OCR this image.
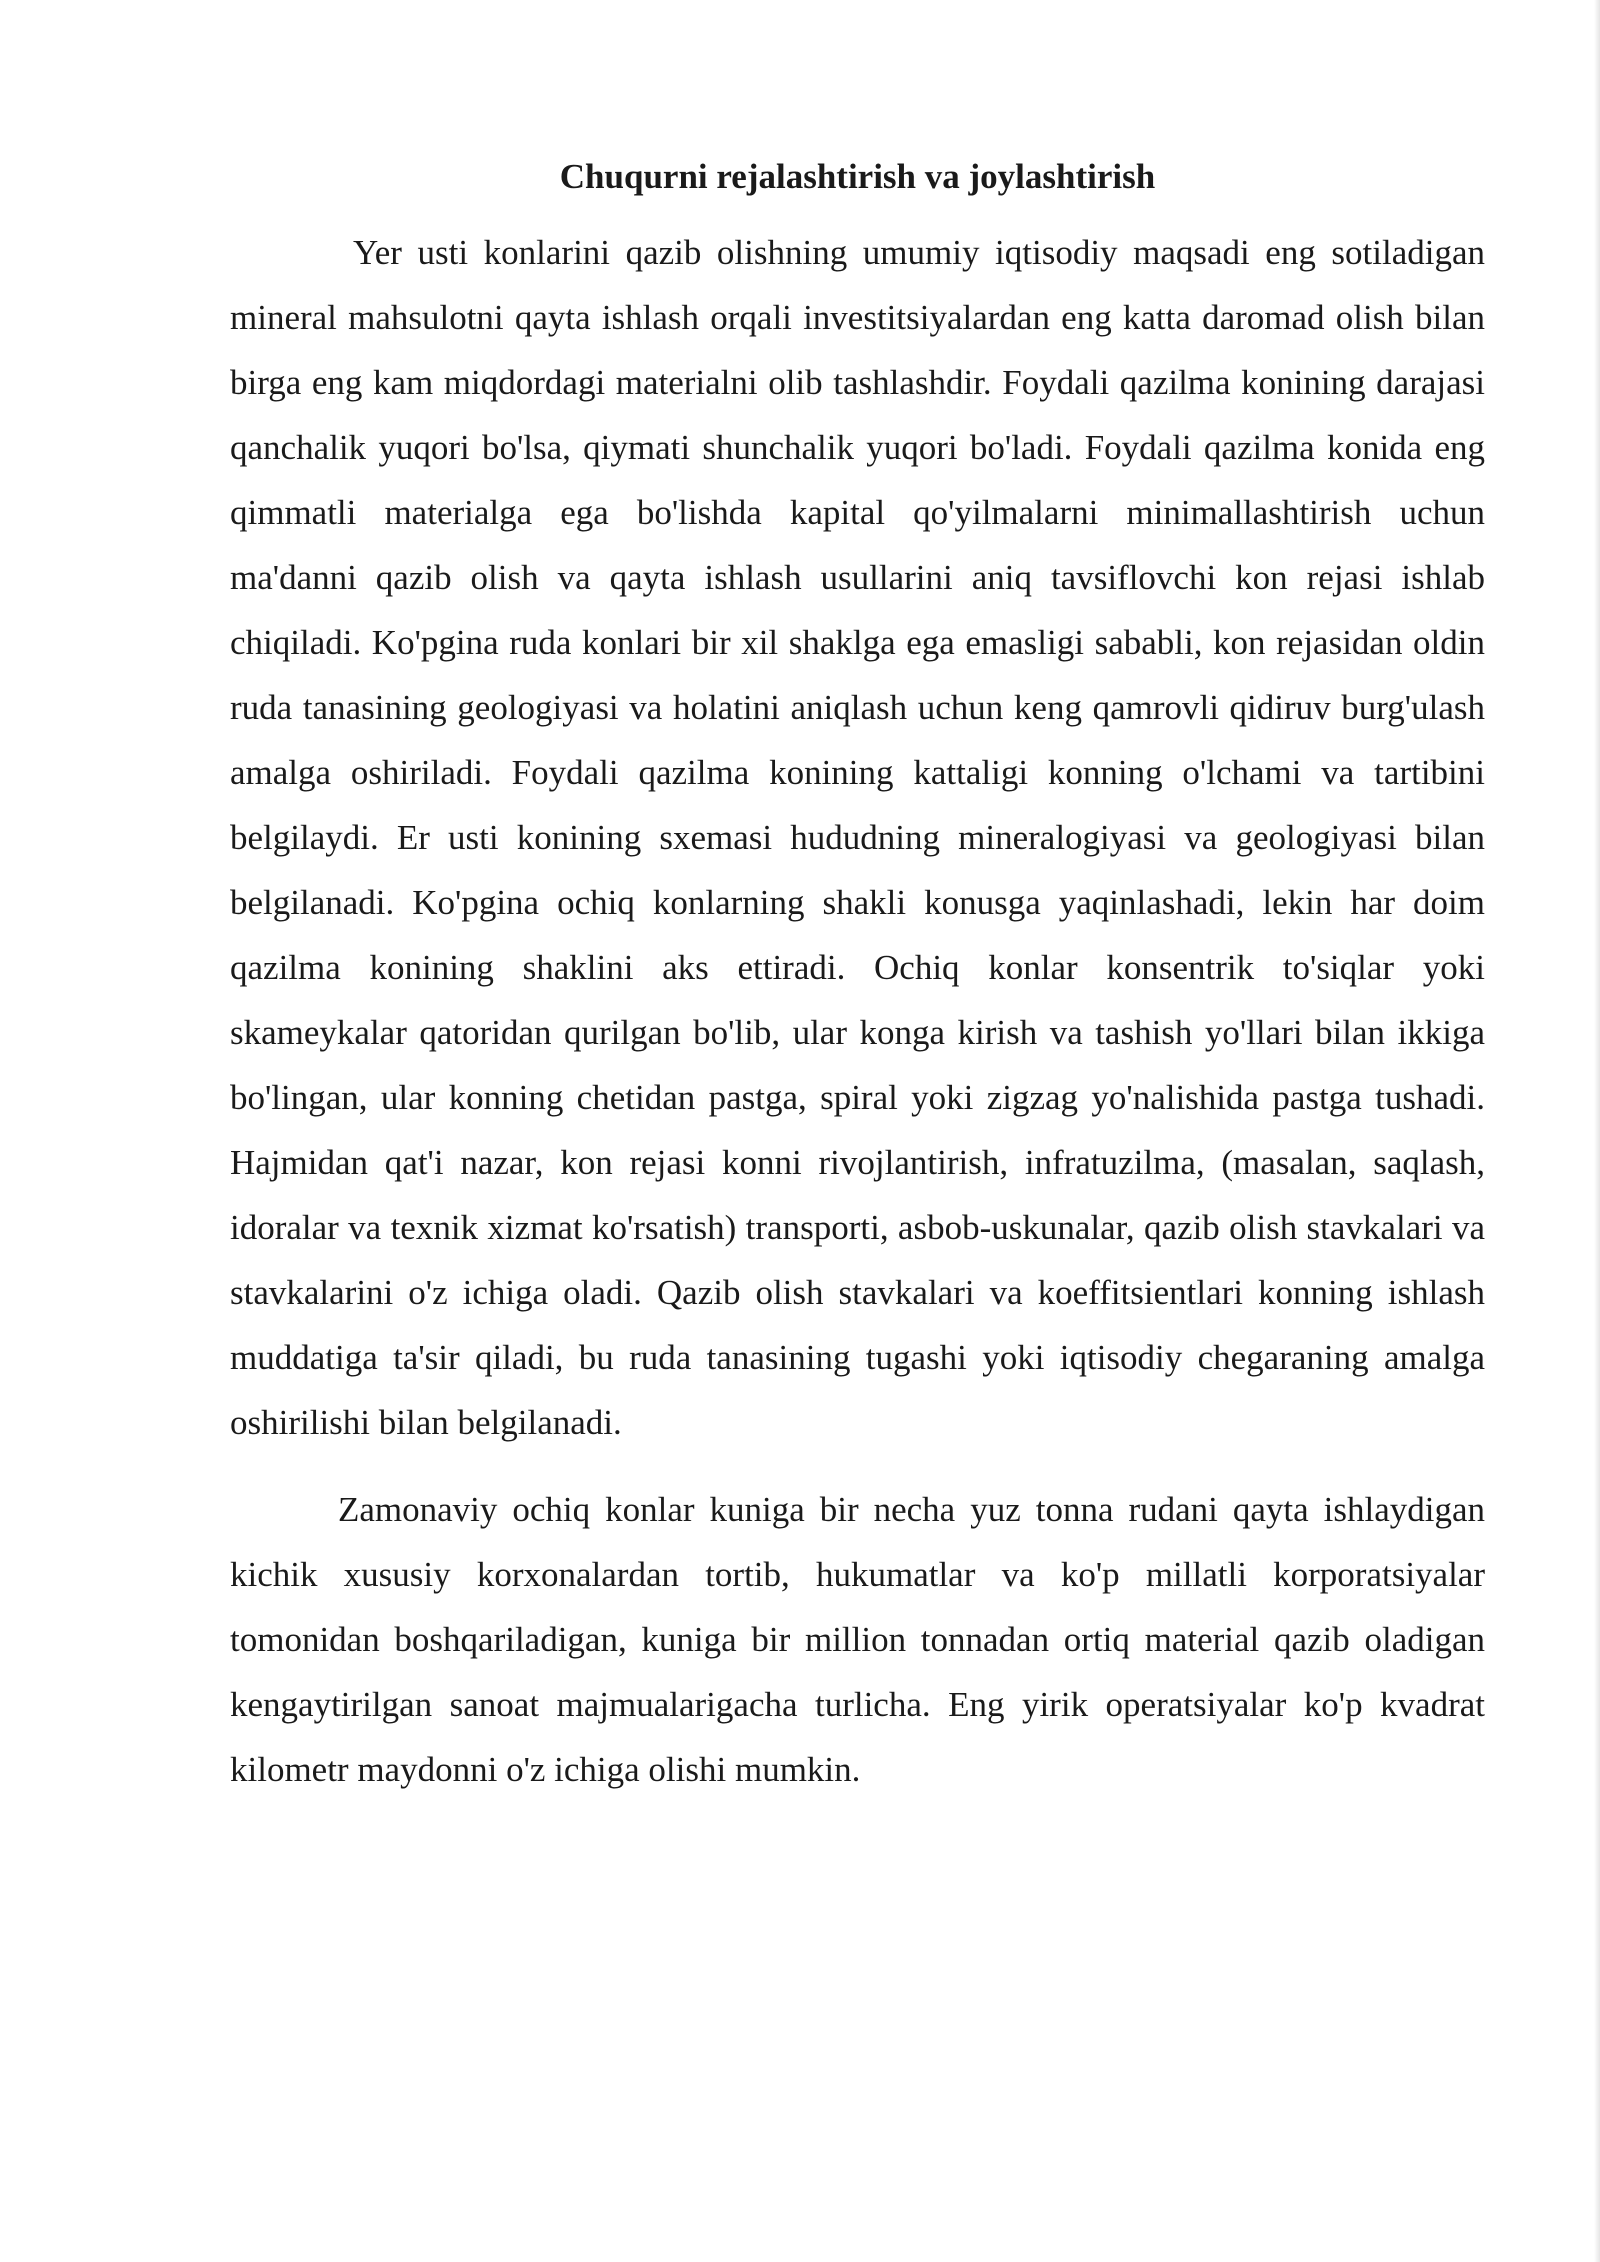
Chuqurni rejalashtirish va joylashtirish

Yer usti konlarini qazib olishning umumiy iqtisodiy maqsadi eng sotiladigan mineral mahsulotni qayta ishlash orqali investitsiyalardan eng katta daromad olish bilan birga eng kam miqdordagi materialni olib tashlashdir. Foydali qazilma konining darajasi qanchalik yuqori bo'lsa, qiymati shunchalik yuqori bo'ladi. Foydali qazilma konida eng qimmatli materialga ega bo'lishda kapital qo'yilmalarni minimallashtirish uchun ma'danni qazib olish va qayta ishlash usullarini aniq tavsiflovchi kon rejasi ishlab chiqiladi. Ko'pgina ruda konlari bir xil shaklga ega emasligi sababli, kon rejasidan oldin ruda tanasining geologiyasi va holatini aniqlash uchun keng qamrovli qidiruv burg'ulash amalga oshiriladi. Foydali qazilma konining kattaligi konning o'lchami va tartibini belgilaydi. Er usti konining sxemasi hududning mineralogiyasi va geologiyasi bilan belgilanadi. Ko'pgina ochiq konlarning shakli konusga yaqinlashadi, lekin har doim qazilma konining shaklini aks ettiradi. Ochiq konlar konsentrik to'siqlar yoki skameykalar qatoridan qurilgan bo'lib, ular konga kirish va tashish yo'llari bilan ikkiga bo'lingan, ular konning chetidan pastga, spiral yoki zigzag yo'nalishida pastga tushadi. Hajmidan qat'i nazar, kon rejasi konni rivojlantirish, infratuzilma, (masalan, saqlash, idoralar va texnik xizmat ko'rsatish) transporti, asbob-uskunalar, qazib olish stavkalari va stavkalarini o'z ichiga oladi. Qazib olish stavkalari va koeffitsientlari konning ishlash muddatiga ta'sir qiladi, bu ruda tanasining tugashi yoki iqtisodiy chegaraning amalga oshirilishi bilan belgilanadi.

Zamonaviy ochiq konlar kuniga bir necha yuz tonna rudani qayta ishlaydigan kichik xususiy korxonalardan tortib, hukumatlar va ko'p millatli korporatsiyalar tomonidan boshqariladigan, kuniga bir million tonnadan ortiq material qazib oladigan kengaytirilgan sanoat majmualarigacha turlicha. Eng yirik operatsiyalar ko'p kvadrat kilometr maydonni o'z ichiga olishi mumkin.
